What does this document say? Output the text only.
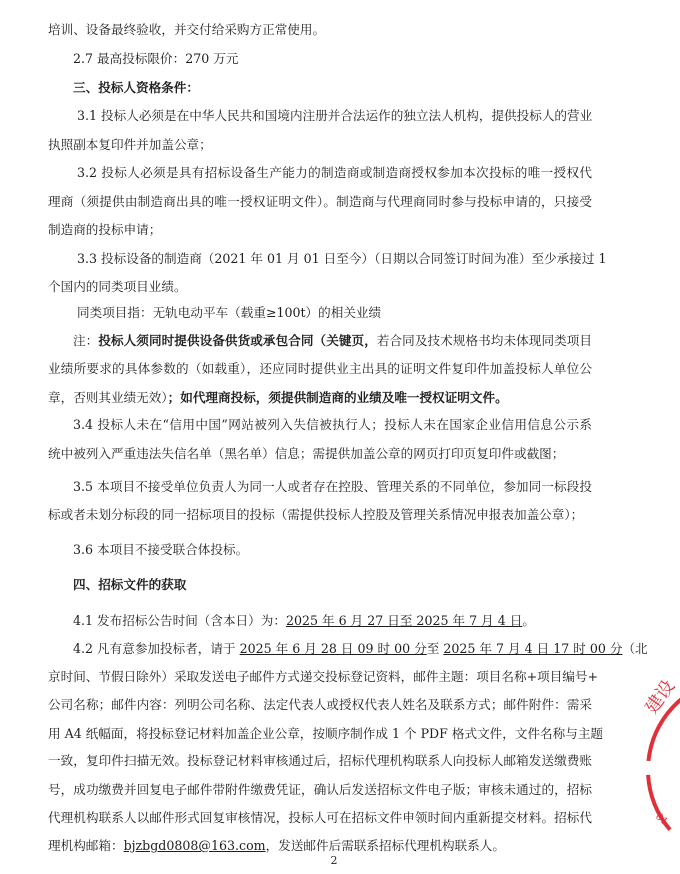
培训、设备最终验收，并交付给采购方正常使用。
2.7 最高投标限价：270 万元
三、投标人资格条件：
3.1 投标人必须是在中华人民共和国境内注册并合法运作的独立法人机构，提供投标人的营业
执照副本复印件并加盖公章；
3.2 投标人必须是具有招标设备生产能力的制造商或制造商授权参加本次投标的唯一授权代
理商（须提供由制造商出具的唯一授权证明文件）。制造商与代理商同时参与投标申请的，只接受
制造商的投标申请；
3.3 投标设备的制造商（2021 年 01 月 01 日至今）（日期以合同签订时间为准）至少承接过 1
个国内的同类项目业绩。
同类项目指：无轨电动平车（载重≥100t）的相关业绩
注：投标人须同时提供设备供货或承包合同（关键页，若合同及技术规格书均未体现同类项目
业绩所要求的具体参数的（如载重），还应同时提供业主出具的证明文件复印件加盖投标人单位公
章，否则其业绩无效）；如代理商投标，须提供制造商的业绩及唯一授权证明文件。
3.4 投标人未在“信用中国”网站被列入失信被执行人；投标人未在国家企业信用信息公示系
统中被列入严重违法失信名单（黑名单）信息；需提供加盖公章的网页打印页复印件或截图；
3.5 本项目不接受单位负责人为同一人或者存在控股、管理关系的不同单位，参加同一标段投
标或者未划分标段的同一招标项目的投标（需提供投标人控股及管理关系情况申报表加盖公章）；
3.6 本项目不接受联合体投标。
四、招标文件的获取
4.1 发布招标公告时间（含本日）为：2025 年 6 月 27 日至 2025 年 7 月 4 日。
4.2 凡有意参加投标者，请于 2025 年 6 月 28 日 09 时 00 分至 2025 年 7 月 4 日 17 时 00 分（北
京时间、节假日除外）采取发送电子邮件方式递交投标登记资料，邮件主题：项目名称+项目编号+
公司名称；邮件内容：列明公司名称、法定代表人或授权代表人姓名及联系方式；邮件附件：需采
用 A4 纸幅面，将投标登记材料加盖企业公章，按顺序制作成 1 个 PDF 格式文件，文件名称与主题
一致，复印件扫描无效。投标登记材料审核通过后，招标代理机构联系人向投标人邮箱发送缴费账
号，成功缴费并回复电子邮件带附件缴费凭证，确认后发送招标文件电子版；审核未通过的，招标
代理机构联系人以邮件形式回复审核情况，投标人可在招标文件申领时间内重新提交材料。招标代
理机构邮箱：bjzbgd0808@163.com，发送邮件后需联系招标代理机构联系人。
2
建设
01
